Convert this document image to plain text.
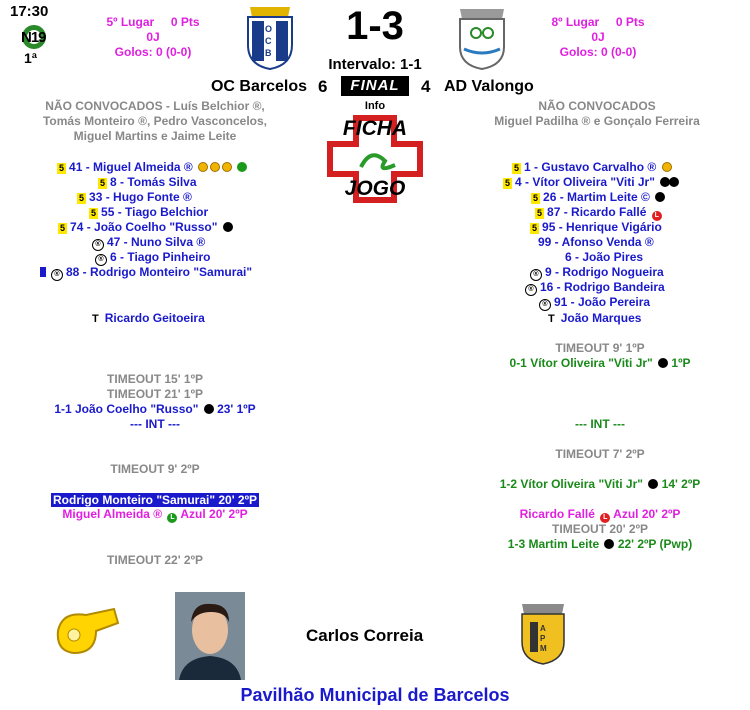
17:30
N19
1ª
5º Lugar 0 Pts
0J
Golos: 0 (0-0)
OCB
1-3
Intervalo: 1-1
8º Lugar 0 Pts
0J
Golos: 0 (0-0)
OC Barcelos 6	FINAL	4 AD Valongo
Info
FICHA
JOGO
NÃO CONVOCADOS - Luís Belchior ®,
Tomás Monteiro ®, Pedro Vasconcelos,
Miguel Martins e Jaime Leite
NÃO CONVOCADOS
Miguel Padilha ® e Gonçalo Ferreira
5 41 - Miguel Almeida ®
5 8 - Tomás Silva
5 33 - Hugo Fonte ®
5 55 - Tiago Belchior
5 74 - João Coelho "Russo"
® 47 - Nuno Silva ®
® 6 - Tiago Pinheiro
® 88 - Rodrigo Monteiro "Samurai"
T Ricardo Geitoeira
5 1 - Gustavo Carvalho ®
5 4 - Vítor Oliveira "Viti Jr"
5 26 - Martim Leite ©
5 87 - Ricardo Fallé L
5 95 - Henrique Vigário
99 - Afonso Venda ®
6 - João Pires
® 9 - Rodrigo Nogueira
® 16 - Rodrigo Bandeira
® 91 - João Pereira
T João Marques
TIMEOUT 15' 1ºP
TIMEOUT 21' 1ºP
1-1 João Coelho "Russo" 23' 1ºP
--- INT ---
TIMEOUT 9' 2ºP
Rodrigo Monteiro "Samurai" 20' 2ºP
Miguel Almeida ® L Azul 20' 2ºP
TIMEOUT 22' 2ºP
TIMEOUT 9' 1ºP
0-1 Vítor Oliveira "Viti Jr" 1ºP
--- INT ---
TIMEOUT 7' 2ºP
1-2 Vítor Oliveira "Viti Jr" 14' 2ºP
Ricardo Fallé L Azul 20' 2ºP
TIMEOUT 20' 2ºP
1-3 Martim Leite 22' 2ºP (Pwp)
Carlos Correia	APM
Pavilhão Municipal de Barcelos
